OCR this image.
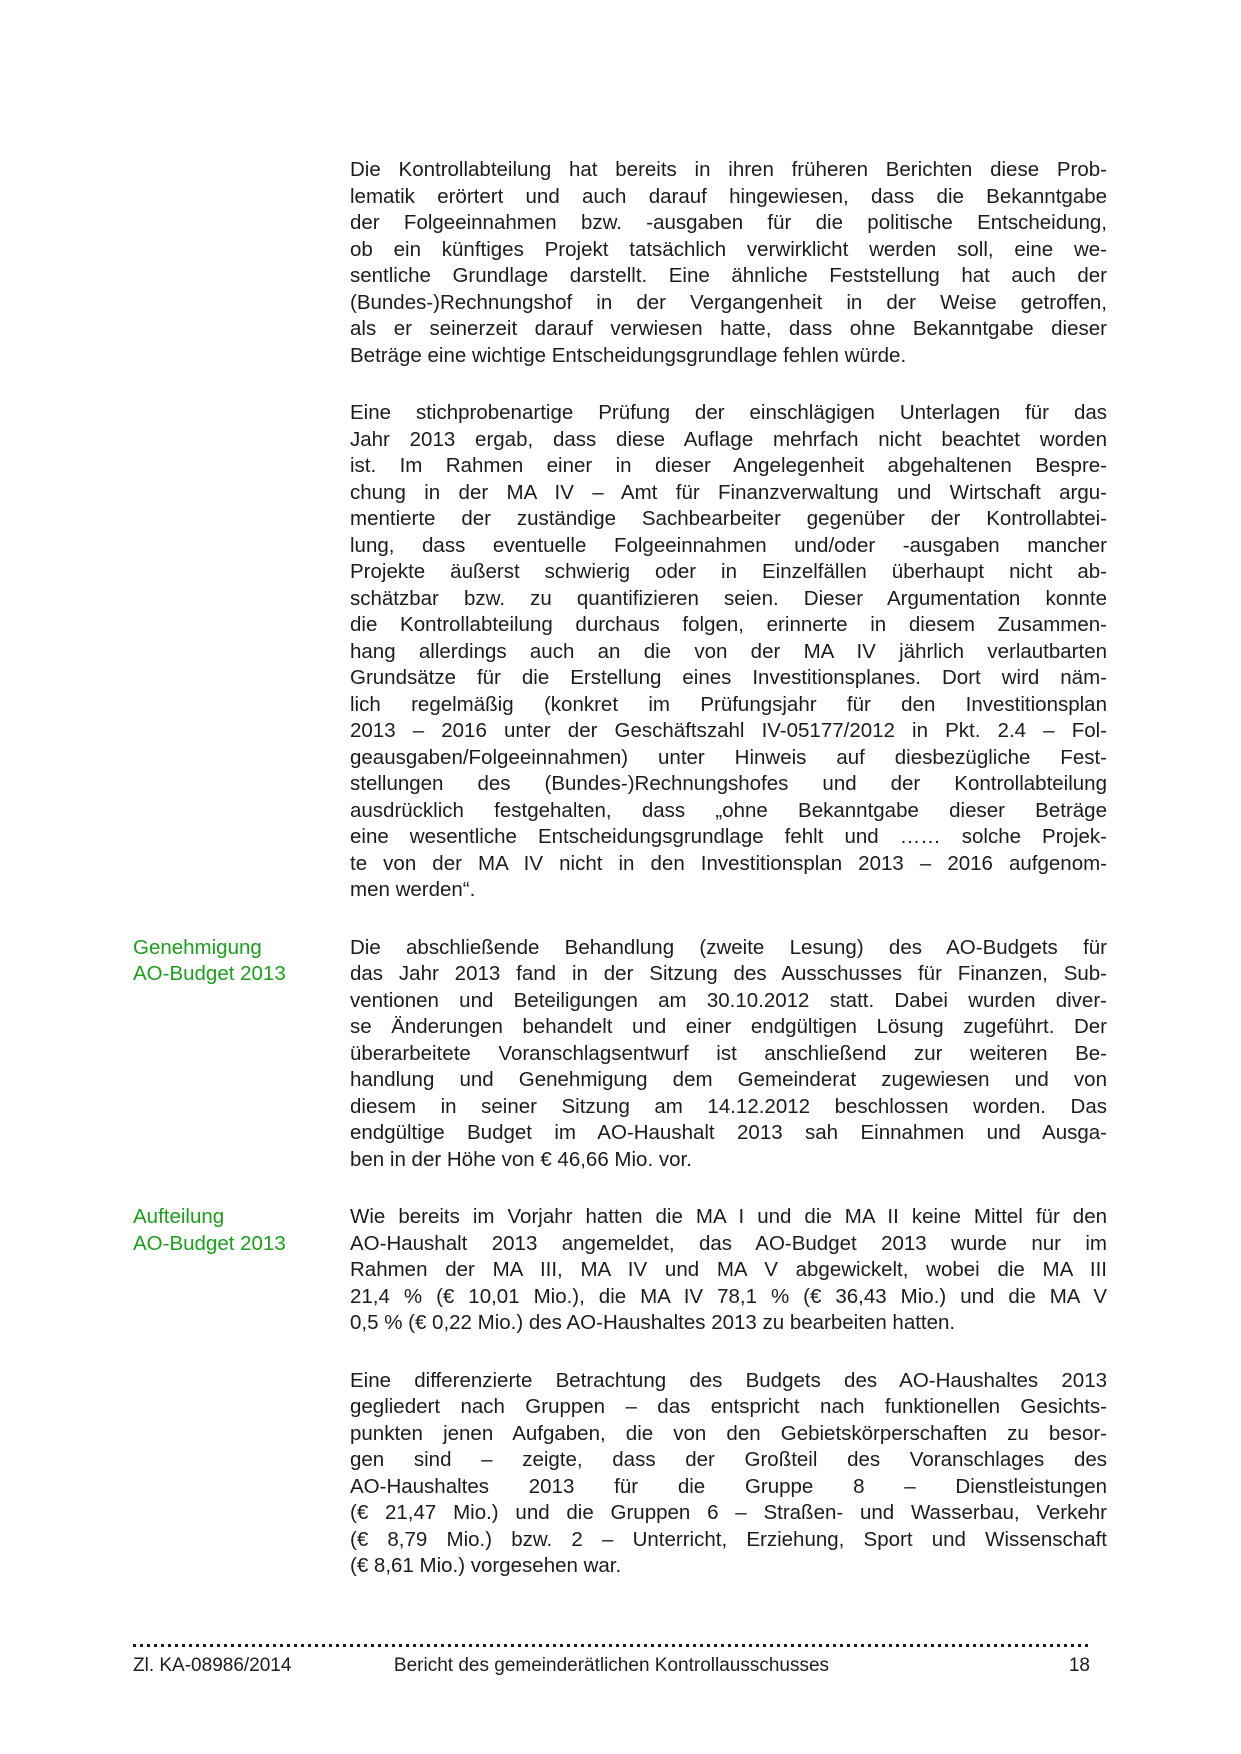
Die Kontrollabteilung hat bereits in ihren früheren Berichten diese Prob-
lematik erörtert und auch darauf hingewiesen, dass die Bekanntgabe
der Folgeeinnahmen bzw. -ausgaben für die politische Entscheidung,
ob ein künftiges Projekt tatsächlich verwirklicht werden soll, eine we-
sentliche Grundlage darstellt. Eine ähnliche Feststellung hat auch der
(Bundes-)Rechnungshof in der Vergangenheit in der Weise getroffen,
als er seinerzeit darauf verwiesen hatte, dass ohne Bekanntgabe dieser
Beträge eine wichtige Entscheidungsgrundlage fehlen würde.
Eine stichprobenartige Prüfung der einschlägigen Unterlagen für das
Jahr 2013 ergab, dass diese Auflage mehrfach nicht beachtet worden
ist. Im Rahmen einer in dieser Angelegenheit abgehaltenen Bespre-
chung in der MA IV – Amt für Finanzverwaltung und Wirtschaft argu-
mentierte der zuständige Sachbearbeiter gegenüber der Kontrollabtei-
lung, dass eventuelle Folgeeinnahmen und/oder -ausgaben mancher
Projekte äußerst schwierig oder in Einzelfällen überhaupt nicht ab-
schätzbar bzw. zu quantifizieren seien. Dieser Argumentation konnte
die Kontrollabteilung durchaus folgen, erinnerte in diesem Zusammen-
hang allerdings auch an die von der MA IV jährlich verlautbarten
Grundsätze für die Erstellung eines Investitionsplanes. Dort wird näm-
lich regelmäßig (konkret im Prüfungsjahr für den Investitionsplan
2013 – 2016 unter der Geschäftszahl IV-05177/2012 in Pkt. 2.4 – Fol-
geausgaben/Folgeeinnahmen) unter Hinweis auf diesbezügliche Fest-
stellungen des (Bundes-)Rechnungshofes und der Kontrollabteilung
ausdrücklich festgehalten, dass „ohne Bekanntgabe dieser Beträge
eine wesentliche Entscheidungsgrundlage fehlt und …… solche Projek-
te von der MA IV nicht in den Investitionsplan 2013 – 2016 aufgenom-
men werden“.
Genehmigung
AO-Budget 2013
Die abschließende Behandlung (zweite Lesung) des AO-Budgets für
das Jahr 2013 fand in der Sitzung des Ausschusses für Finanzen, Sub-
ventionen und Beteiligungen am 30.10.2012 statt. Dabei wurden diver-
se Änderungen behandelt und einer endgültigen Lösung zugeführt. Der
überarbeitete Voranschlagsentwurf ist anschließend zur weiteren Be-
handlung und Genehmigung dem Gemeinderat zugewiesen und von
diesem in seiner Sitzung am 14.12.2012 beschlossen worden. Das
endgültige Budget im AO-Haushalt 2013 sah Einnahmen und Ausga-
ben in der Höhe von € 46,66 Mio. vor.
Aufteilung
AO-Budget 2013
Wie bereits im Vorjahr hatten die MA I und die MA II keine Mittel für den
AO-Haushalt 2013 angemeldet, das AO-Budget 2013 wurde nur im
Rahmen der MA III, MA IV und MA V abgewickelt, wobei die MA III
21,4 % (€ 10,01 Mio.), die MA IV 78,1 % (€ 36,43 Mio.) und die MA V
0,5 % (€ 0,22 Mio.) des AO-Haushaltes 2013 zu bearbeiten hatten.
Eine differenzierte Betrachtung des Budgets des AO-Haushaltes 2013
gegliedert nach Gruppen – das entspricht nach funktionellen Gesichts-
punkten jenen Aufgaben, die von den Gebietskörperschaften zu besor-
gen sind – zeigte, dass der Großteil des Voranschlages des
AO-Haushaltes 2013 für die Gruppe 8 – Dienstleistungen
(€ 21,47 Mio.) und die Gruppen 6 – Straßen- und Wasserbau, Verkehr
(€ 8,79 Mio.) bzw. 2 – Unterricht, Erziehung, Sport und Wissenschaft
(€ 8,61 Mio.) vorgesehen war.
Zl. KA-08986/2014	Bericht des gemeinderätlichen Kontrollausschusses	18
